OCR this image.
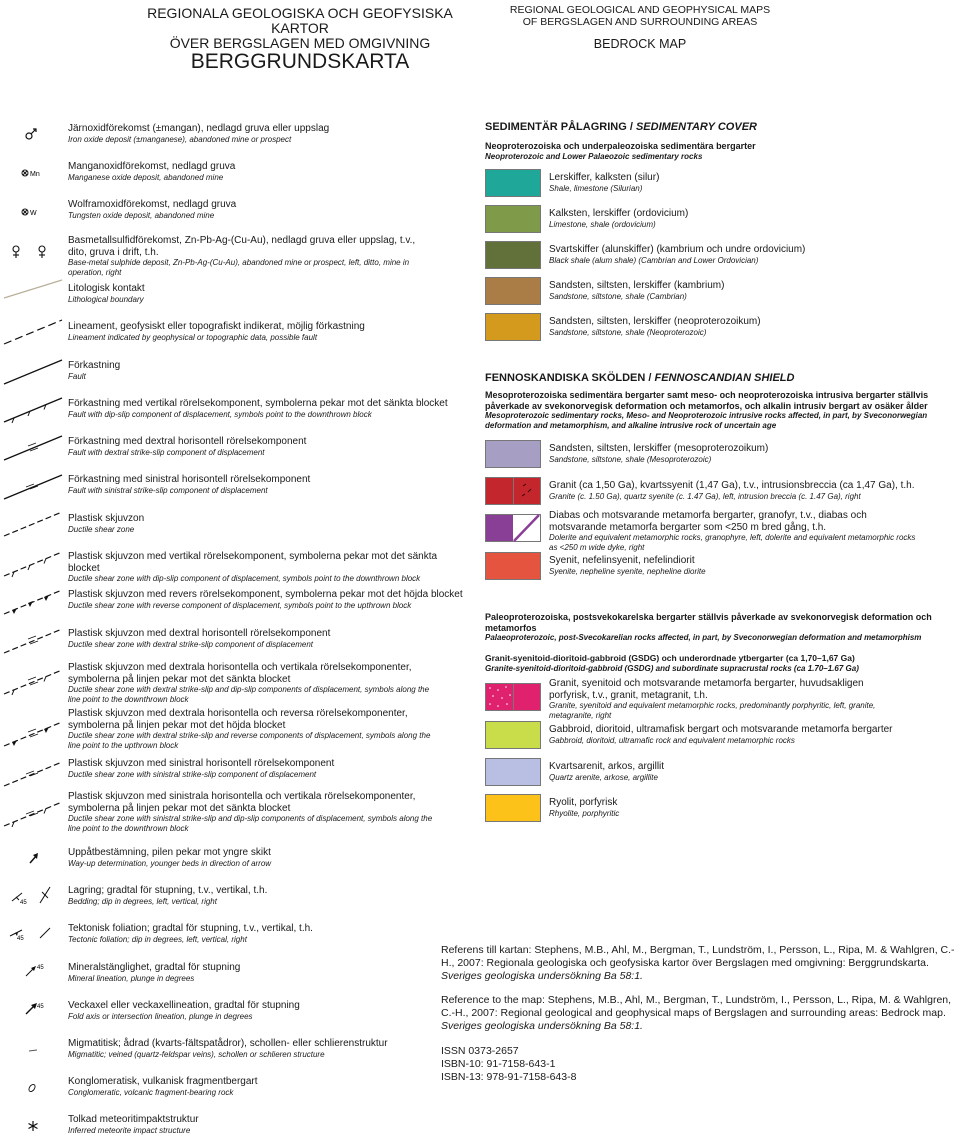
REGIONALA GEOLOGISKA OCH GEOFYSISKA KARTOR
ÖVER BERGSLAGEN MED OMGIVNING
REGIONAL GEOLOGICAL AND GEOPHYSICAL MAPS
OF BERGSLAGEN AND SURROUNDING AREAS
BERGGRUNDSKARTA
BEDROCK MAP
Järnoxidförekomst (±mangan), nedlagd gruva eller uppslag
Iron oxide deposit (±manganese), abandoned mine or prospect
Mn
Manganoxidförekomst, nedlagd gruva
Manganese oxide deposit, abandoned mine
W
Wolframoxidförekomst, nedlagd gruva
Tungsten oxide deposit, abandoned mine
Basmetallsulfidförekomst, Zn-Pb-Ag-(Cu-Au), nedlagd gruva eller uppslag, t.v., dito, gruva i drift, t.h.
Base-metal sulphide deposit, Zn-Pb-Ag-(Cu-Au), abandoned mine or prospect, left, ditto, mine in operation, right
Litologisk kontakt
Lithological boundary
Lineament, geofysiskt eller topografiskt indikerat, möjlig förkastning
Lineament indicated by geophysical or topographic data, possible fault
Förkastning
Fault
Förkastning med vertikal rörelsekomponent, symbolerna pekar mot det sänkta blocket
Fault with dip-slip component of displacement, symbols point to the downthrown block
Förkastning med dextral horisontell rörelsekomponent
Fault with dextral strike-slip component of displacement
Förkastning med sinistral horisontell rörelsekomponent
Fault with sinistral strike-slip component of displacement
Plastisk skjuvzon
Ductile shear zone
Plastisk skjuvzon med vertikal rörelsekomponent, symbolerna pekar mot det sänkta blocket
Ductile shear zone with dip-slip component of displacement, symbols point to the downthrown block
Plastisk skjuvzon med revers rörelsekomponent, symbolerna pekar mot det höjda blocket
Ductile shear zone with reverse component of displacement, symbols point to the upthrown block
Plastisk skjuvzon med dextral horisontell rörelsekomponent
Ductile shear zone with dextral strike-slip component of displacement
Plastisk skjuvzon med dextrala horisontella och vertikala rörelsekomponenter, symbolerna på linjen pekar mot det sänkta blocket
Ductile shear zone with dextral strike-slip and dip-slip components of displacement, symbols along the line point to the downthrown block
Plastisk skjuvzon med dextrala horisontella och reversa rörelsekomponenter, symbolerna på linjen pekar mot det höjda blocket
Ductile shear zone with dextral strike-slip and reverse components of displacement, symbols along the line point to the upthrown block
Plastisk skjuvzon med sinistral horisontell rörelsekomponent
Ductile shear zone with sinistral strike-slip component of displacement
Plastisk skjuvzon med sinistrala horisontella och vertikala rörelsekomponenter, symbolerna på linjen pekar mot det sänkta blocket
Ductile shear zone with sinistral strike-slip and dip-slip components of displacement, symbols along the line point to the downthrown block
Uppåtbestämning, pilen pekar mot yngre skikt
Way-up determination, younger beds in direction of arrow
45
Lagring; gradtal för stupning, t.v., vertikal, t.h.
Bedding; dip in degrees, left, vertical, right
45
Tektonisk foliation; gradtal för stupning, t.v., vertikal, t.h.
Tectonic foliation; dip in degrees, left, vertical, right
45 Mineralstänglighet, gradtal för stupning
Mineral lineation, plunge in degrees
45 Veckaxel eller veckaxellineation, gradtal för stupning
Fold axis or intersection lineation, plunge in degrees
Migmatitisk; ådrad (kvarts-fältspatådror), schollen- eller schlierenstruktur
Migmatitic; veined (quartz-feldspar veins), schollen or schlieren structure
Konglomeratisk, vulkanisk fragmentbergart
Conglomeratic, volcanic fragment-bearing rock
Tolkad meteoritimpaktstruktur
Inferred meteorite impact structure
SEDIMENTÄR PÅLAGRING / SEDIMENTARY COVER
Neoproterozoiska och underpaleozoiska sedimentära bergarter
Neoproterozoic and Lower Palaeozoic sedimentary rocks
Lerskiffer, kalksten (silur)
Shale, limestone (Silurian)
Kalksten, lerskiffer (ordovicium)
Limestone, shale (ordovicium)
Svartskiffer (alunskiffer) (kambrium och undre ordovicium)
Black shale (alum shale) (Cambrian and Lower Ordovician)
Sandsten, siltsten, lerskiffer (kambrium)
Sandstone, siltstone, shale (Cambrian)
Sandsten, siltsten, lerskiffer (neoproterozoikum)
Sandstone, siltstone, shale (Neoproterozoic)
FENNOSKANDISKA SKÖLDEN / FENNOSCANDIAN SHIELD
Mesoproterozoiska sedimentära bergarter samt meso- och neoproterozoiska intrusiva bergarter ställvis påverkade av svekonorvegisk deformation och metamorfos, och alkalin intrusiv bergart av osäker ålder
Mesoproterozoic sedimentary rocks, Meso- and Neoproterozoic intrusive rocks affected, in part, by Sveconorwegian deformation and metamorphism, and alkaline intrusive rock of uncertain age
Sandsten, siltsten, lerskiffer (mesoproterozoikum)
Sandstone, siltstone, shale (Mesoproterozoic)
Granit (ca 1,50 Ga), kvartssyenit (1,47 Ga), t.v., intrusionsbreccia (ca 1,47 Ga), t.h.
Granite (c. 1.50 Ga), quartz syenite (c. 1.47 Ga), left, intrusion breccia (c. 1.47 Ga), right
Diabas och motsvarande metamorfa bergarter, granofyr, t.v., diabas och motsvarande metamorfa bergarter som <250 m bred gång, t.h.
Dolerite and equivalent metamorphic rocks, granophyre, left, dolerite and equivalent metamorphic rocks as <250 m wide dyke, right
Syenit, nefelinsyenit, nefelindiorit
Syenite, nepheline syenite, nepheline diorite
Paleoproterozoiska, postsvekokarelska bergarter ställvis påverkade av svekonorvegisk deformation och metamorfos
Palaeoproterozoic, post-Svecokarelian rocks affected, in part, by Sveconorwegian deformation and metamorphism
Granit-syenitoid-dioritoid-gabbroid (GSDG) och underordnade ytbergarter (ca 1,70–1,67 Ga)
Granite-syenitoid-dioritoid-gabbroid (GSDG) and subordinate supracrustal rocks (ca 1.70–1.67 Ga)
Granit, syenitoid och motsvarande metamorfa bergarter, huvudsakligen porfyrisk, t.v., granit, metagranit, t.h.
Granite, syenitoid and equivalent metamorphic rocks, predominantly porphyritic, left, granite, metagranite, right
Gabbroid, dioritoid, ultramafisk bergart och motsvarande metamorfa bergarter
Gabbroid, dioritoid, ultramafic rock and equivalent metamorphic rocks
Kvartsarenit, arkos, argillit
Quartz arenite, arkose, argillite
Ryolit, porfyrisk
Rhyolite, porphyritic
Referens till kartan: Stephens, M.B., Ahl, M., Bergman, T., Lundström, I., Persson, L., Ripa, M. & Wahlgren, C.-H., 2007: Regionala geologiska och geofysiska kartor över Bergslagen med omgivning: Berggrundskarta. Sveriges geologiska undersökning Ba 58:1.
Reference to the map: Stephens, M.B., Ahl, M., Bergman, T., Lundström, I., Persson, L., Ripa, M. & Wahlgren, C.-H., 2007: Regional geological and geophysical maps of Bergslagen and surrounding areas: Bedrock map. Sveriges geologiska undersökning Ba 58:1.
ISSN 0373-2657
ISBN-10: 91-7158-643-1
ISBN-13: 978-91-7158-643-8
